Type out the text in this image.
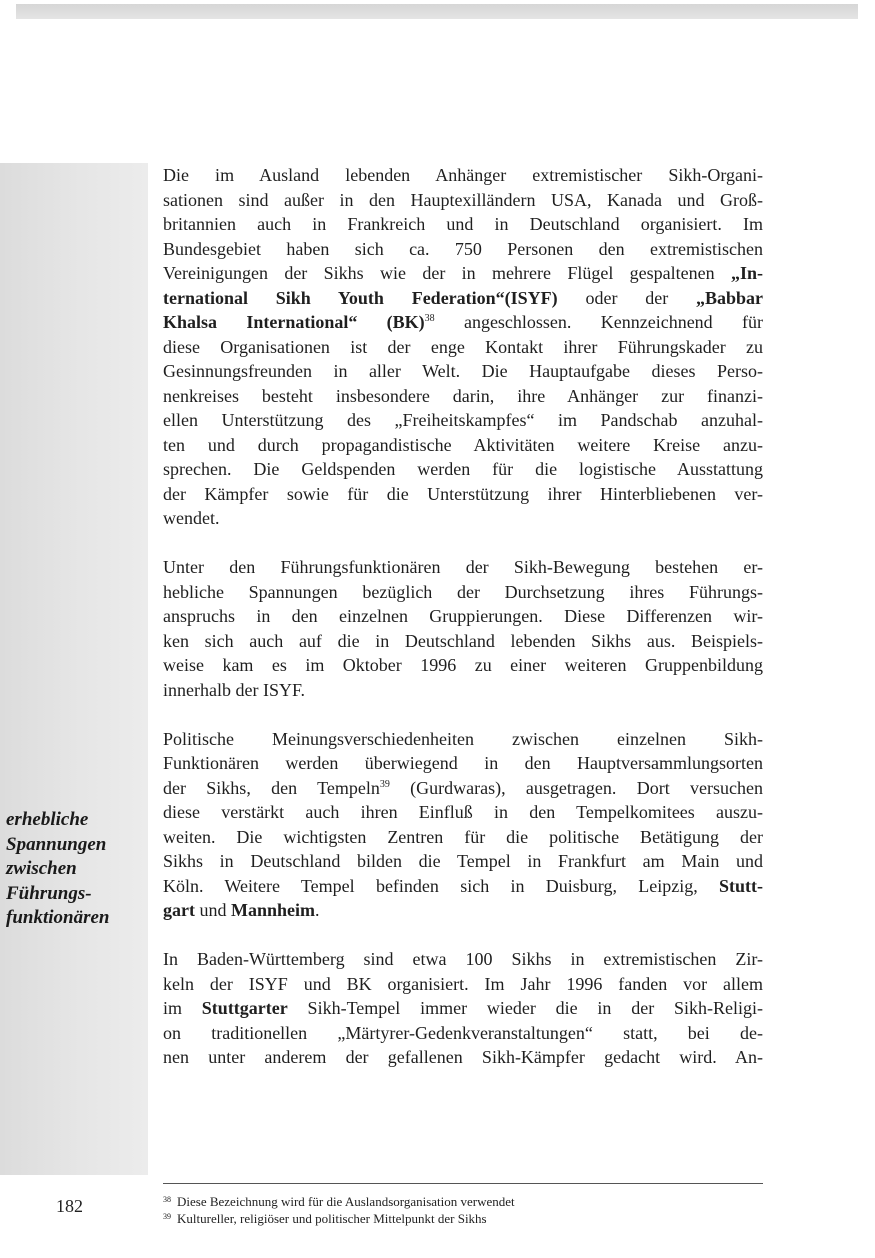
erhebliche
Spannungen
zwischen
Führungs-
funktionären

Die im Ausland lebenden Anhänger extremistischer Sikh-Organi-
sationen sind außer in den Hauptexilländern USA, Kanada und Groß-
britannien auch in Frankreich und in Deutschland organisiert. Im
Bundesgebiet haben sich ca. 750 Personen den extremistischen
Vereinigungen der Sikhs wie der in mehrere Flügel gespaltenen „In-
ternational Sikh Youth Federation“(ISYF) oder der „Babbar
Khalsa International“ (BK)$^{38}$ angeschlossen. Kennzeichnend für
diese Organisationen ist der enge Kontakt ihrer Führungskader zu
Gesinnungsfreunden in aller Welt. Die Hauptaufgabe dieses Perso-
nenkreises besteht insbesondere darin, ihre Anhänger zur finanzi-
ellen Unterstützung des „Freiheitskampfes“ im Pandschab anzuhal-
ten und durch propagandistische Aktivitäten weitere Kreise anzu-
sprechen. Die Geldspenden werden für die logistische Ausstattung
der Kämpfer sowie für die Unterstützung ihrer Hinterbliebenen ver-
wendet.

Unter den Führungsfunktionären der Sikh-Bewegung bestehen er-
hebliche Spannungen bezüglich der Durchsetzung ihres Führungs-
anspruchs in den einzelnen Gruppierungen. Diese Differenzen wir-
ken sich auch auf die in Deutschland lebenden Sikhs aus. Beispiels-
weise kam es im Oktober 1996 zu einer weiteren Gruppenbildung
innerhalb der ISYF.

Politische Meinungsverschiedenheiten zwischen einzelnen Sikh-
Funktionären werden überwiegend in den Hauptversammlungsorten
der Sikhs, den Tempeln$^{39}$ (Gurdwaras), ausgetragen. Dort versuchen
diese verstärkt auch ihren Einfluß in den Tempelkomitees auszu-
weiten. Die wichtigsten Zentren für die politische Betätigung der
Sikhs in Deutschland bilden die Tempel in Frankfurt am Main und
Köln. Weitere Tempel befinden sich in Duisburg, Leipzig, Stutt-
gart und Mannheim.

In Baden-Württemberg sind etwa 100 Sikhs in extremistischen Zir-
keln der ISYF und BK organisiert. Im Jahr 1996 fanden vor allem
im Stuttgarter Sikh-Tempel immer wieder die in der Sikh-Religi-
on traditionellen „Märtyrer-Gedenkveranstaltungen“ statt, bei de-
nen unter anderem der gefallenen Sikh-Kämpfer gedacht wird. An-

182	$^{38}$ Diese Bezeichnung wird für die Auslandsorganisation verwendet
$^{39}$ Kultureller, religiöser und politischer Mittelpunkt der Sikhs
